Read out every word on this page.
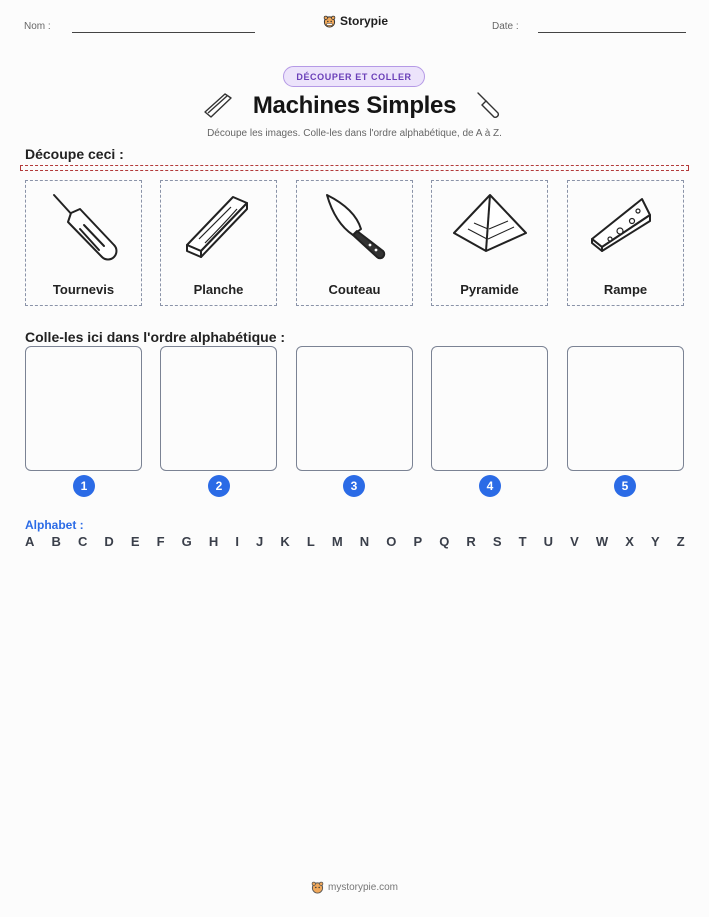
Nom :	Storypie	Date :
DÉCOUPER ET COLLER
Machines Simples
Découpe les images. Colle-les dans l'ordre alphabétique, de A à Z.
Découpe ceci :
Tournevis	Planche	Couteau	Pyramide	Rampe
Colle-les ici dans l'ordre alphabétique :
1	2	3	4	5
Alphabet :
A B C D E F G H I J K L M N O P Q R S T U V W X Y Z
mystorypie.com
